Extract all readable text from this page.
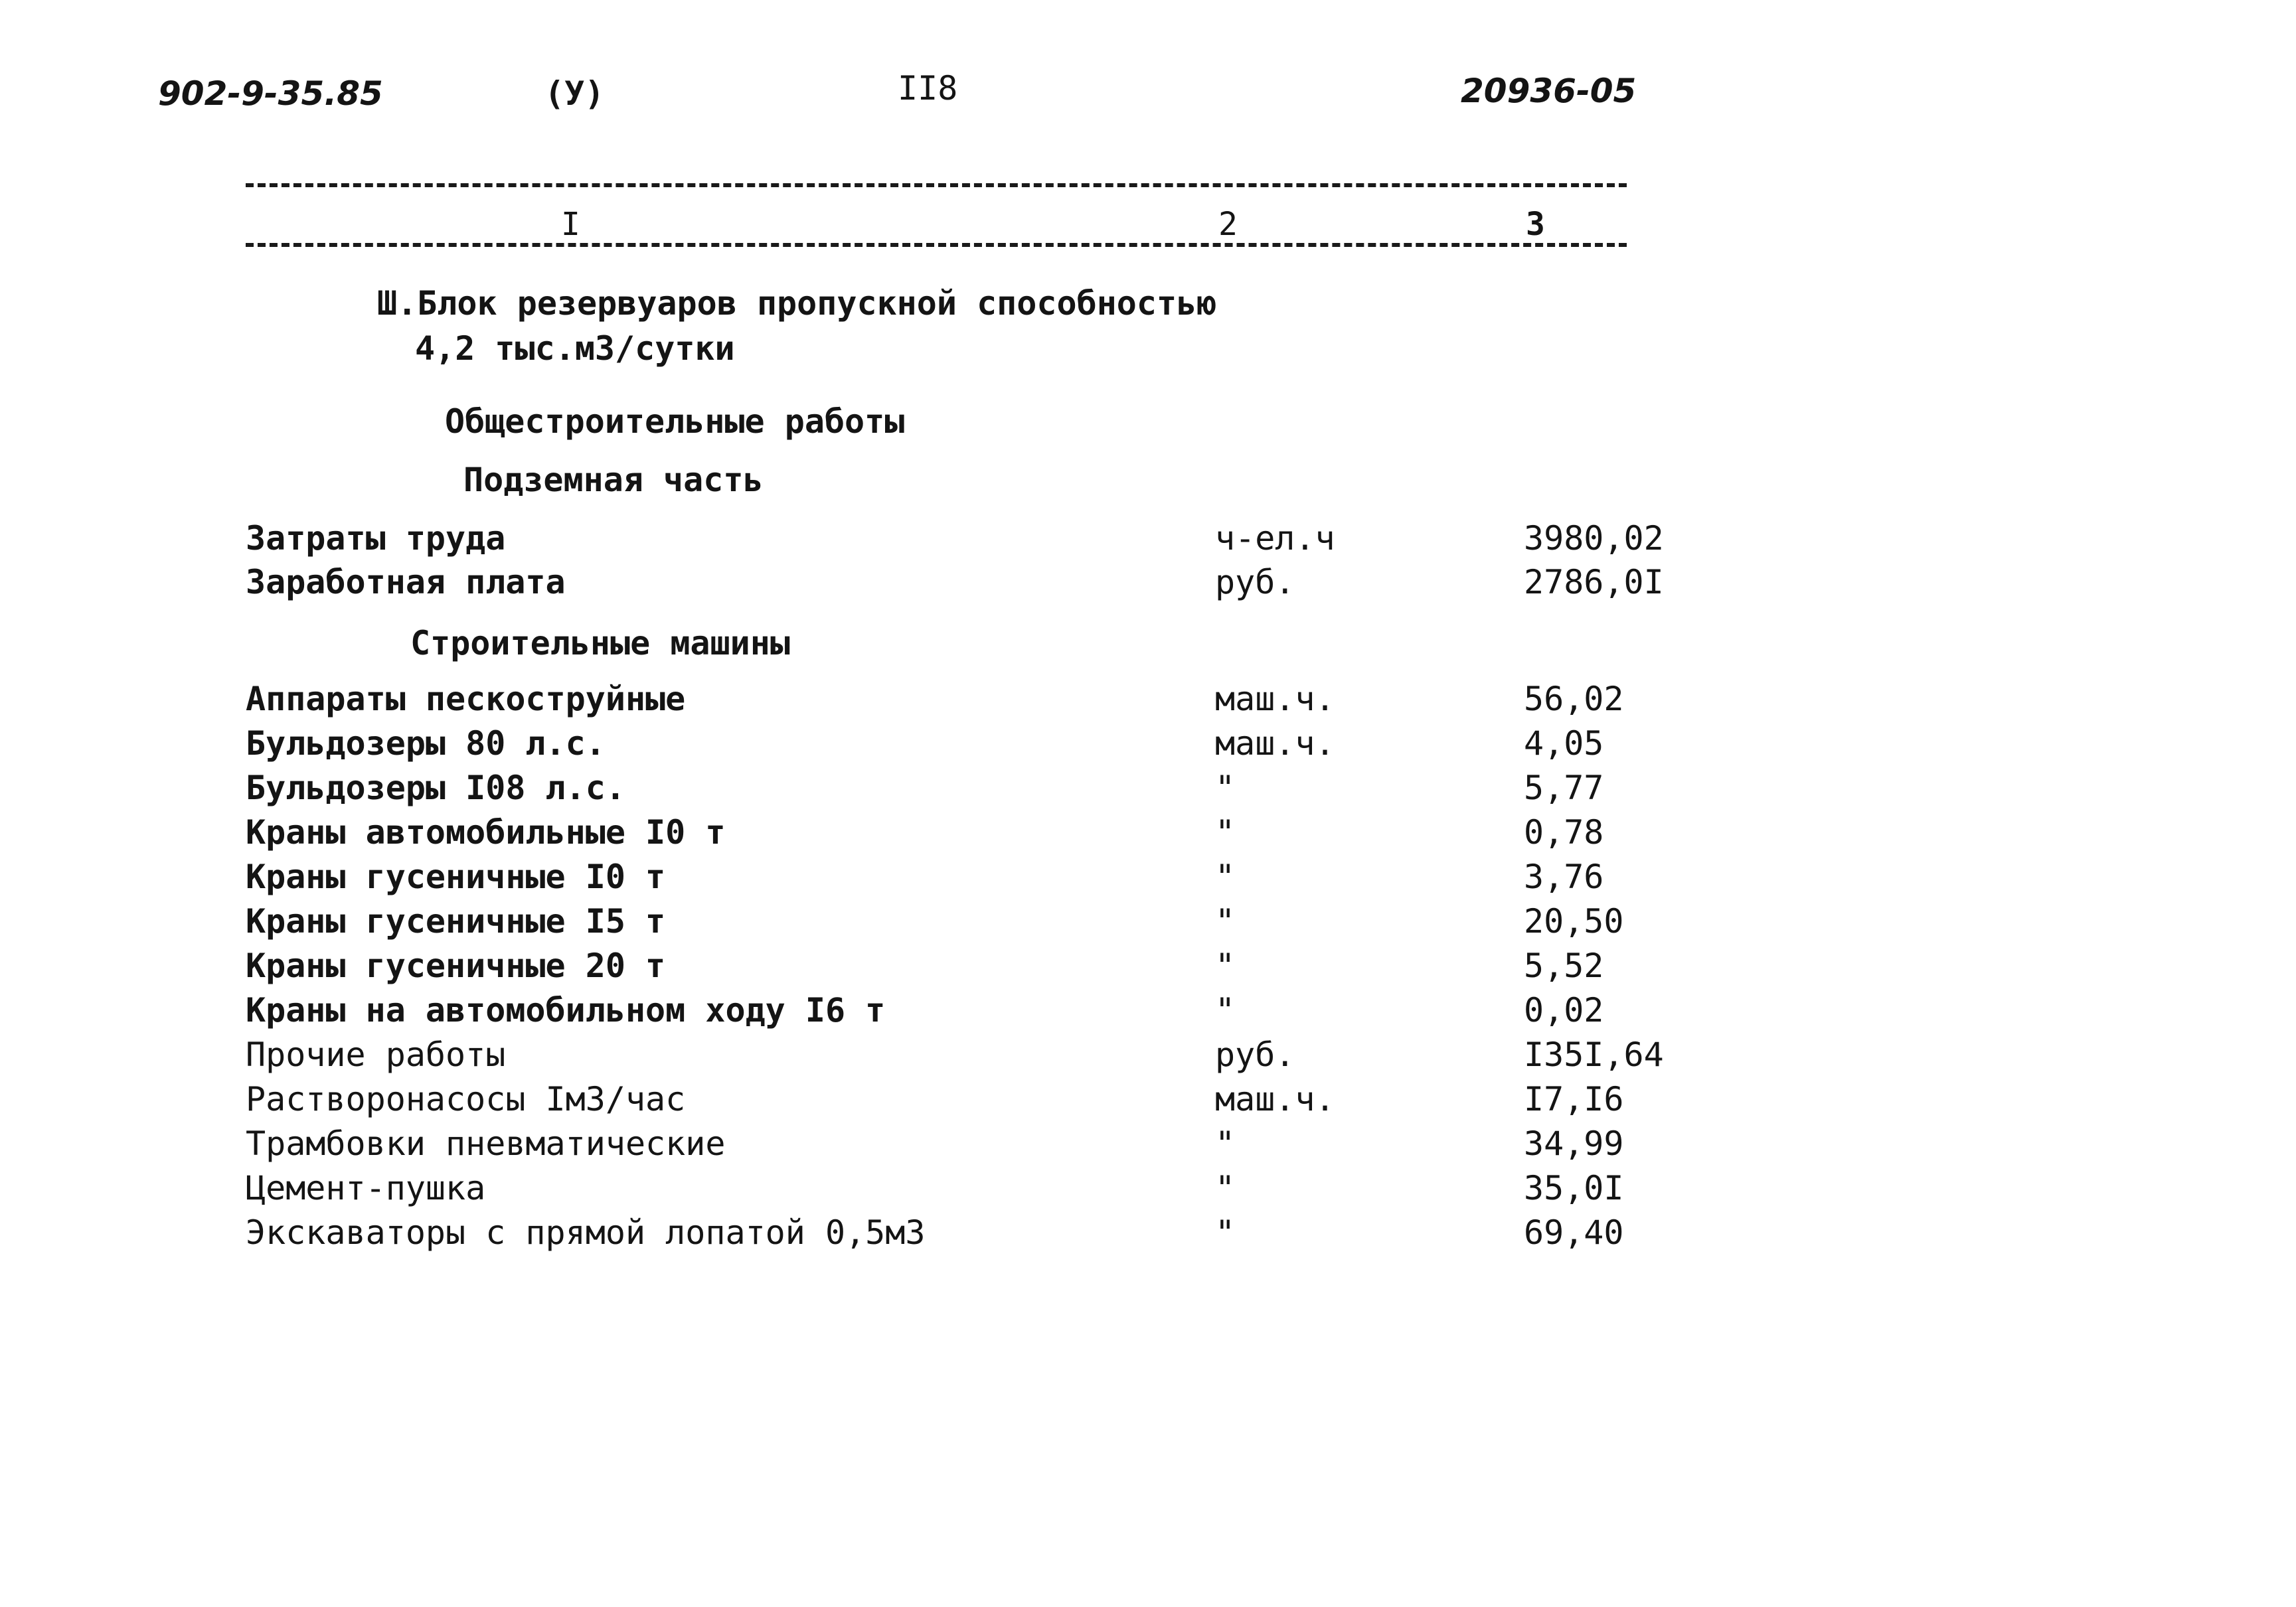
902-9-35.85	(У)	II8	20936-05
I	2	3
Ш.Блок резервуаров пропускной способностью
4,2 тыс.м3/сутки
Общестроительные работы
Подземная часть
Затраты труда	ч-ел.ч	3980,02
Заработная плата	руб.	2786,0I
Строительные машины
Аппараты пескоструйные	маш.ч.	56,02
Бульдозеры 80 л.с.	маш.ч.	4,05
Бульдозеры I08 л.с.	"	5,77
Краны автомобильные I0 т	"	0,78
Краны гусеничные I0 т	"	3,76
Краны гусеничные I5 т	"	20,50
Краны гусеничные 20 т	"	5,52
Краны на автомобильном ходу I6 т	"	0,02
Прочие работы	руб.	I35I,64
Растворонасосы Iм3/час	маш.ч.	I7,I6
Трамбовки пневматические	"	34,99
Цемент-пушка	"	35,0I
Экскаваторы с прямой лопатой 0,5м3	"	69,40
